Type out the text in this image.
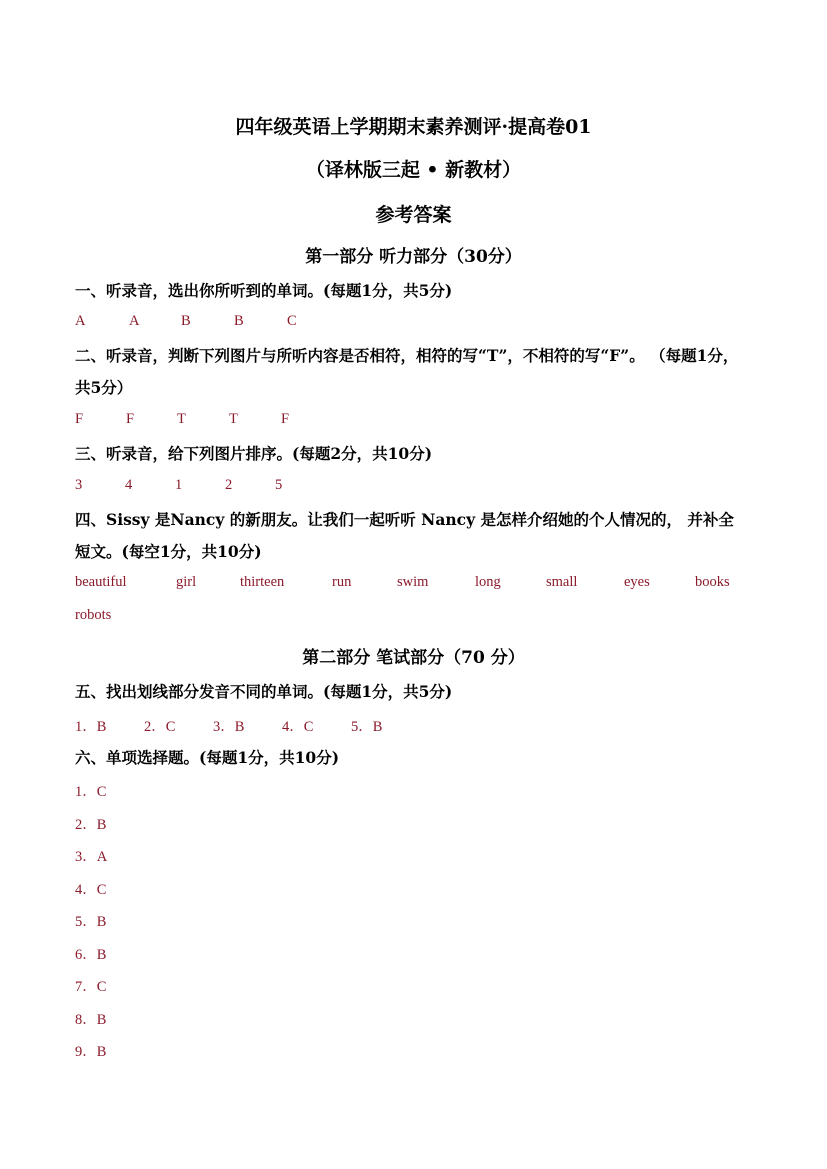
四年级英语上学期期末素养测评·提高卷01
（译林版三起 • 新教材）
参考答案
第一部分 听力部分（30分）
一、听录音，选出你所听到的单词。(每题1分，共5分)
A	A	B	B	C
二、听录音，判断下列图片与所听内容是否相符，相符的写“T”，不相符的写“F”。 （每题1分，
共5分）
F	F	T	T	F
三、听录音，给下列图片排序。(每题2分，共10分)
3	4	1	2	5
四、Sissy 是Nancy 的新朋友。让我们一起听听 Nancy 是怎样介绍她的个人情况的， 并补全
短文。(每空1分，共10分)
beautiful	girl	thirteen	run	swim	long	small	eyes	books
robots
第二部分 笔试部分（70 分）
五、找出划线部分发音不同的单词。(每题1分，共5分)
1．B	2．C	3．B	4．C	5．B
六、单项选择题。(每题1分，共10分)
1．C
2．B
3．A
4．C
5．B
6．B
7．C
8．B
9．B
